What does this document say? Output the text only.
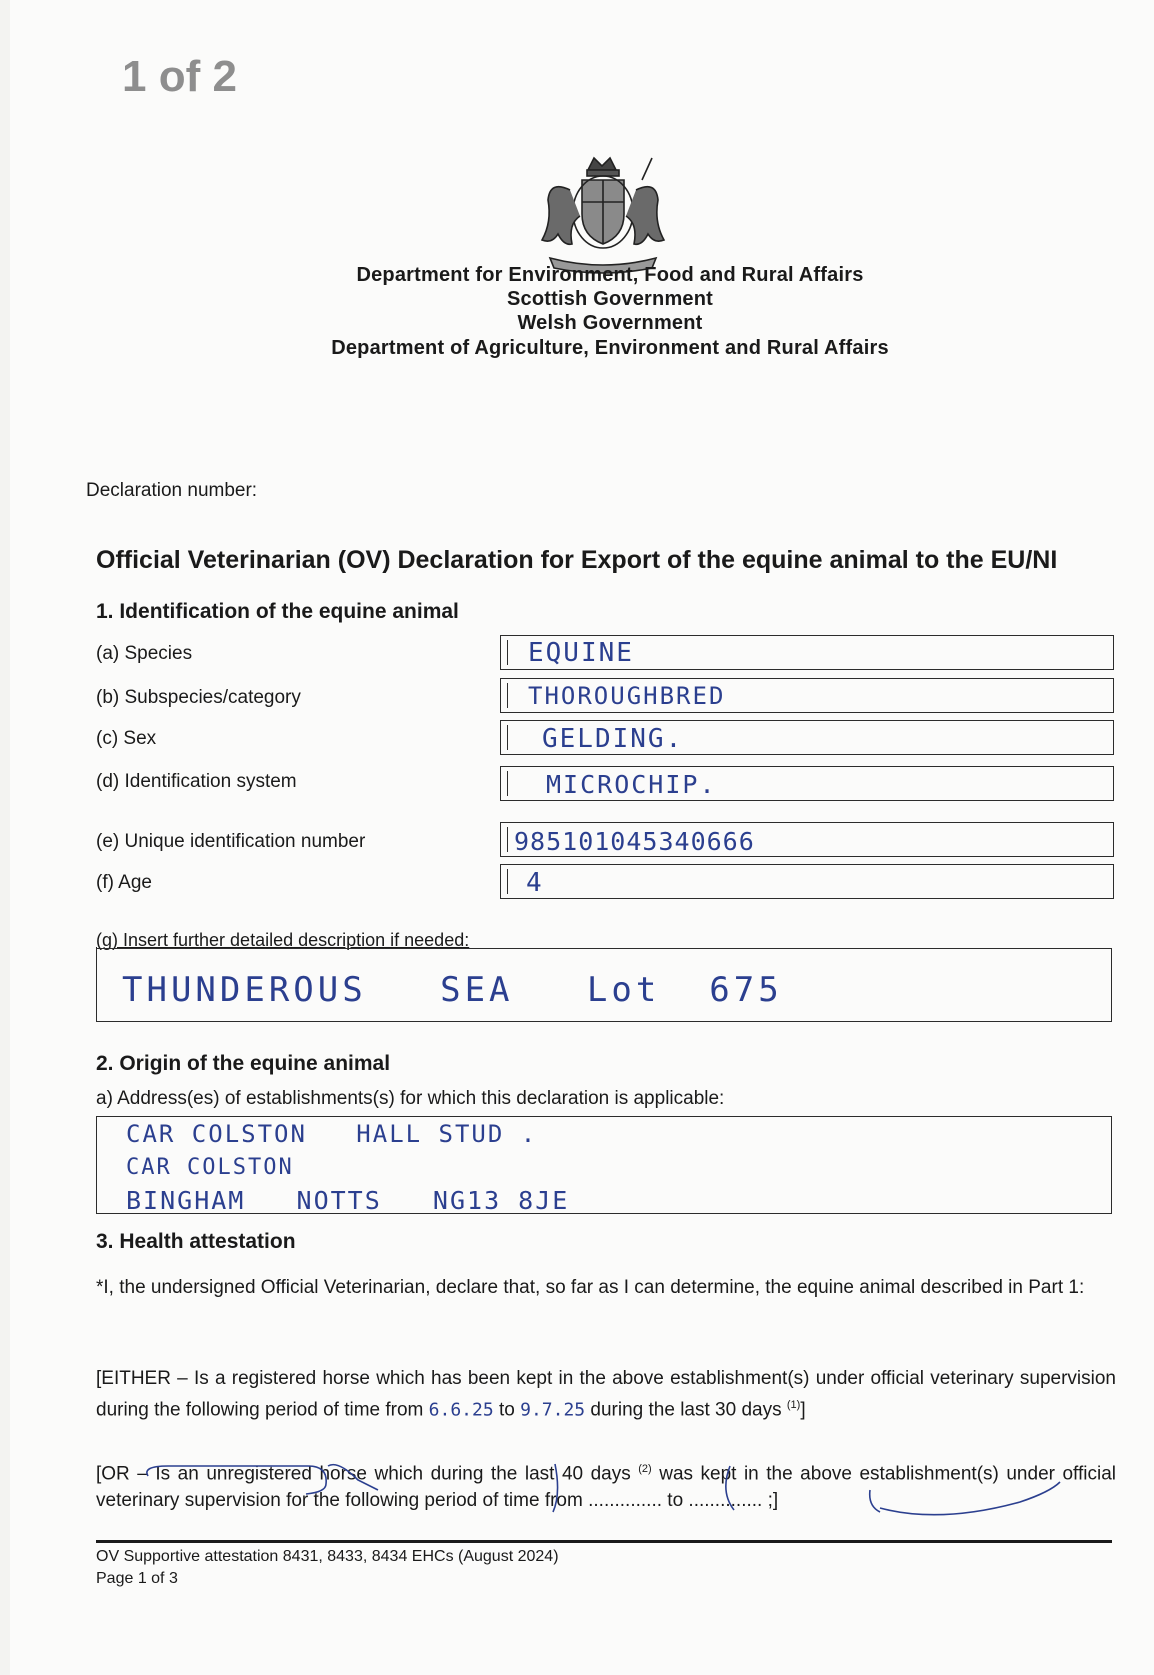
1 of 2
Department for Environment, Food and Rural Affairs
Scottish Government
Welsh Government
Department of Agriculture, Environment and Rural Affairs
Declaration number:
Official Veterinarian (OV) Declaration for Export of the equine animal to the EU/NI
1. Identification of the equine animal
(a) Species	EQUINE
(b) Subspecies/category	THOROUGHBRED
(c) Sex	GELDING.
(d) Identification system	MICROCHIP.
(e) Unique identification number	985101045340666
(f) Age	4
(g) Insert further detailed description if needed:
THUNDEROUS   SEA   Lot  675
2. Origin of the equine animal
a) Address(es) of establishments(s) for which this declaration is applicable:
CAR COLSTON   HALL STUD .
CAR COLSTON
BINGHAM   NOTTS   NG13 8JE
3. Health attestation
*I, the undersigned Official Veterinarian, declare that, so far as I can determine, the equine animal described in Part 1:
[EITHER – Is a registered horse which has been kept in the above establishment(s) under official veterinary supervision during the following period of time from 6.6.25 to 9.7.25 during the last 30 days $^{(1)}$]
[OR – Is an unregistered horse which during the last 40 days $^{(2)}$ was kept in the above establishment(s) under official veterinary supervision for the following period of time from .............. to .............. ;]
OV Supportive attestation 8431, 8433, 8434 EHCs (August 2024)
Page 1 of 3
